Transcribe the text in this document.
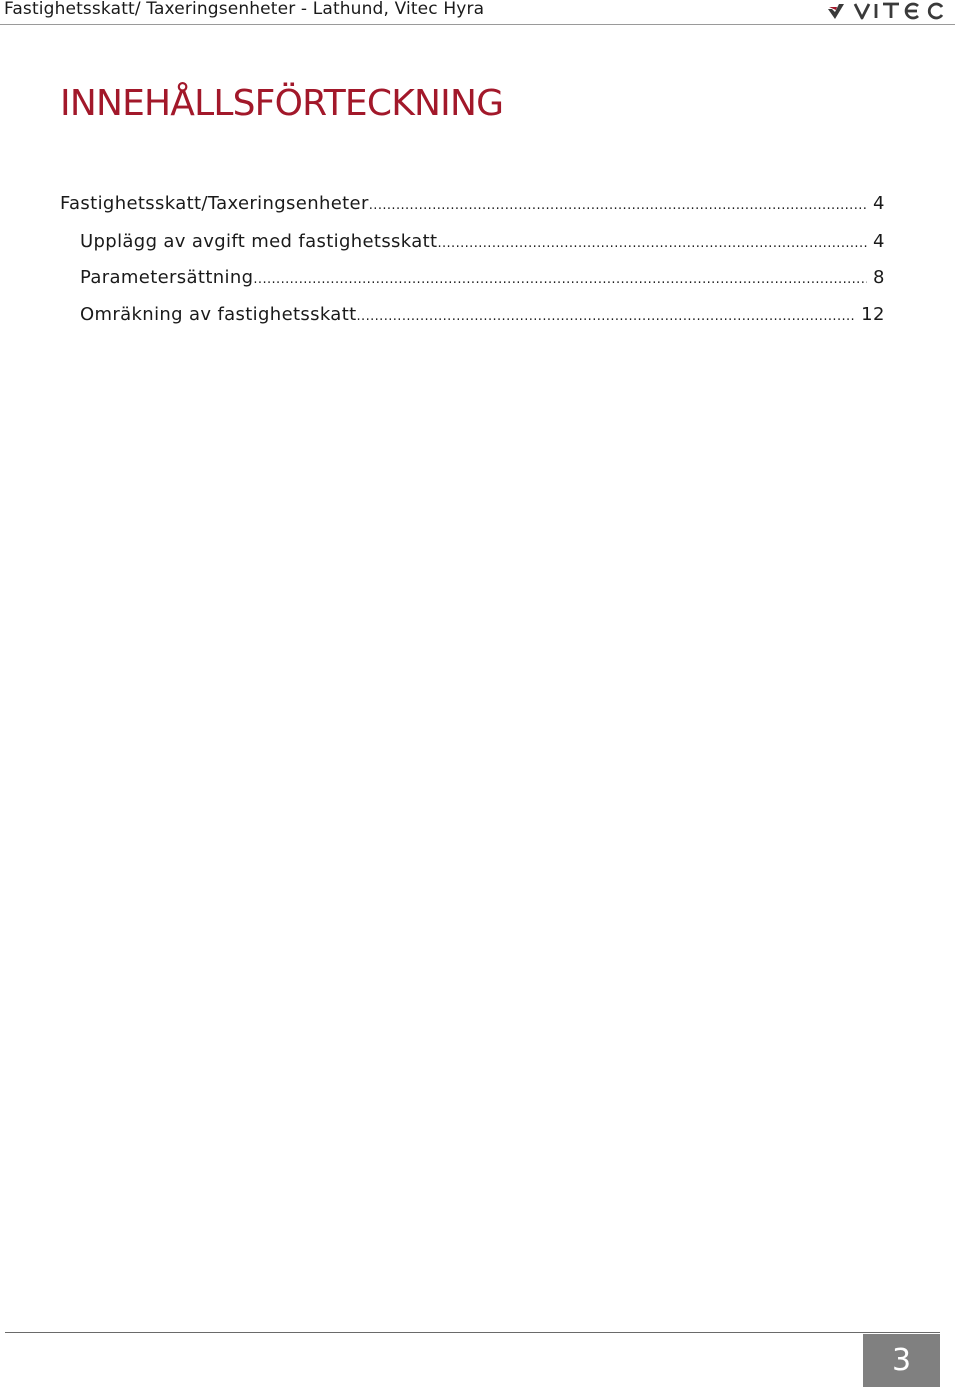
Fastighetsskatt/ Taxeringsenheter - Lathund, Vitec Hyra
INNEHÅLLSFÖRTECKNING
Fastighetsskatt/Taxeringsenheter .....	4
Upplägg av avgift med fastighetsskatt .....	4
Parametersättning .....	8
Omräkning av fastighetsskatt .....	12
3
